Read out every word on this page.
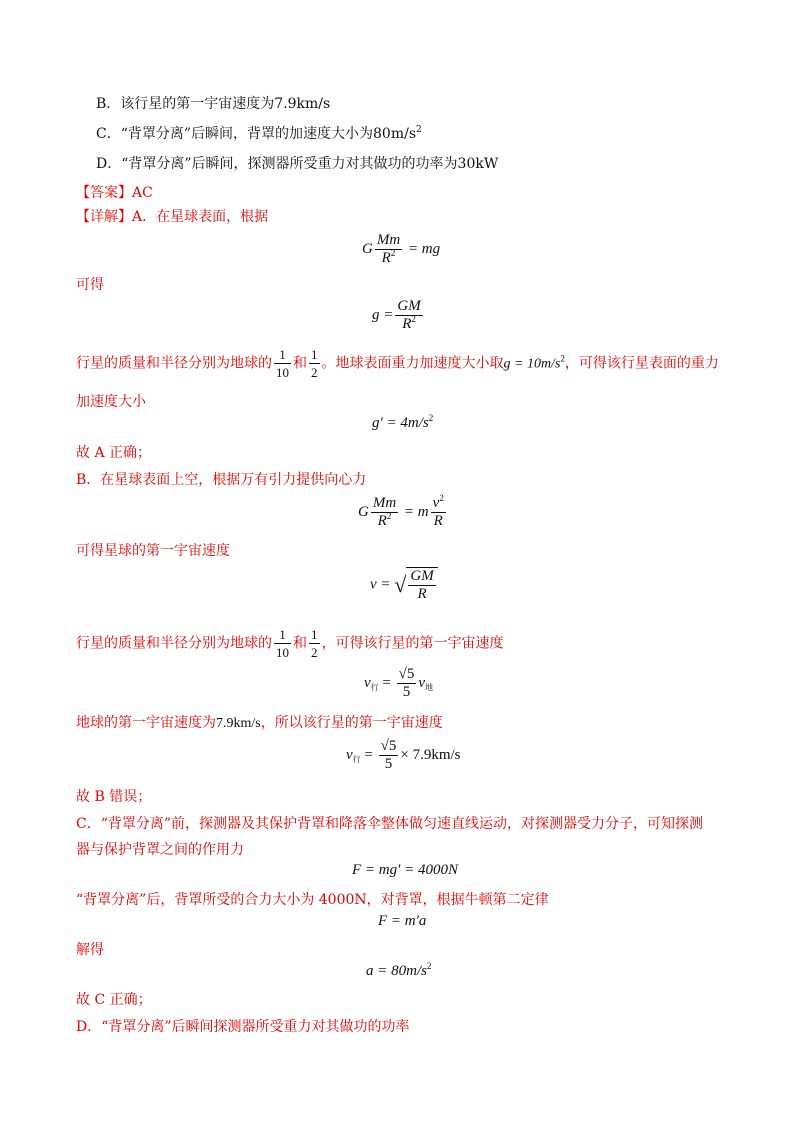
B．该行星的第一宇宙速度为7.9km/s
C．“背罩分离”后瞬间，背罩的加速度大小为$80m/s^2$
D．“背罩分离”后瞬间，探测器所受重力对其做功的功率为30kW
【答案】AC
【详解】A．在星球表面，根据
G $\frac{Mm}{R^2}$ = mg
可得
$g = \frac{GM}{R^2}$
行星的质量和半径分别为地球的 $\frac{1}{10}$ 和 $\frac{1}{2}$ 。地球表面重力加速度大小取$g = 10m/s^2$，可得该行星表面的重力
加速度大小
$g' = 4m/s^2$
故 A 正确；
B．在星球表面上空，根据万有引力提供向心力
G $\frac{Mm}{R^2} = m \frac{v^2}{R}$
可得星球的第一宇宙速度
v = √ $\frac{GM}{R}$
行星的质量和半径分别为地球的 $\frac{1}{10}$ 和 $\frac{1}{2}$ ，可得该行星的第一宇宙速度
$v_行 = \frac{√5}{5} v_地$
地球的第一宇宙速度为7.9km/s，所以该行星的第一宇宙速度
$v_行 = \frac{√5}{5} \times 7.9km/s$
故 B 错误；
C．“背罩分离”前，探测器及其保护背罩和降落伞整体做匀速直线运动，对探测器受力分子，可知探测
器与保护背罩之间的作用力
F = mg′ = 4000N
“背罩分离”后，背罩所受的合力大小为 4000N，对背罩，根据牛顿第二定律
F = m′a
解得
$a = 80m/s^2$
故 C 正确；
D．“背罩分离”后瞬间探测器所受重力对其做功的功率
